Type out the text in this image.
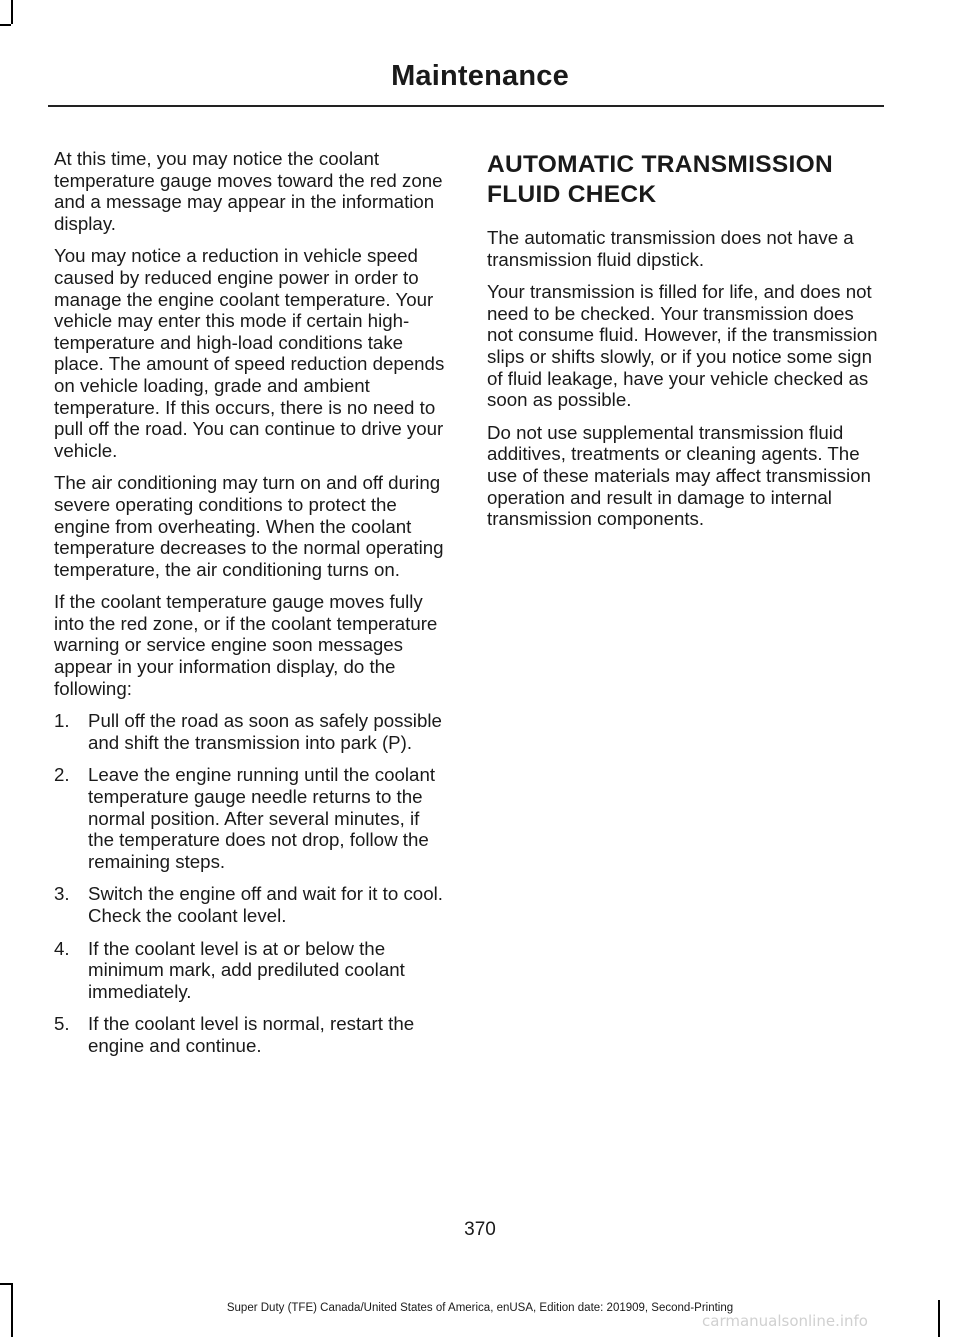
Maintenance

At this time, you may notice the coolant temperature gauge moves toward the red zone and a message may appear in the information display.

You may notice a reduction in vehicle speed caused by reduced engine power in order to manage the engine coolant temperature. Your vehicle may enter this mode if certain high-temperature and high-load conditions take place. The amount of speed reduction depends on vehicle loading, grade and ambient temperature. If this occurs, there is no need to pull off the road. You can continue to drive your vehicle.

The air conditioning may turn on and off during severe operating conditions to protect the engine from overheating. When the coolant temperature decreases to the normal operating temperature, the air conditioning turns on.

If the coolant temperature gauge moves fully into the red zone, or if the coolant temperature warning or service engine soon messages appear in your information display, do the following:

1. Pull off the road as soon as safely possible and shift the transmission into park (P).
2. Leave the engine running until the coolant temperature gauge needle returns to the normal position. After several minutes, if the temperature does not drop, follow the remaining steps.
3. Switch the engine off and wait for it to cool. Check the coolant level.
4. If the coolant level is at or below the minimum mark, add prediluted coolant immediately.
5. If the coolant level is normal, restart the engine and continue.
AUTOMATIC TRANSMISSION FLUID CHECK

The automatic transmission does not have a transmission fluid dipstick.

Your transmission is filled for life, and does not need to be checked. Your transmission does not consume fluid. However, if the transmission slips or shifts slowly, or if you notice some sign of fluid leakage, have your vehicle checked as soon as possible.

Do not use supplemental transmission fluid additives, treatments or cleaning agents. The use of these materials may affect transmission operation and result in damage to internal transmission components.

370
Super Duty (TFE) Canada/United States of America, enUSA, Edition date: 201909, Second-Printing
carmanualsonline.info
